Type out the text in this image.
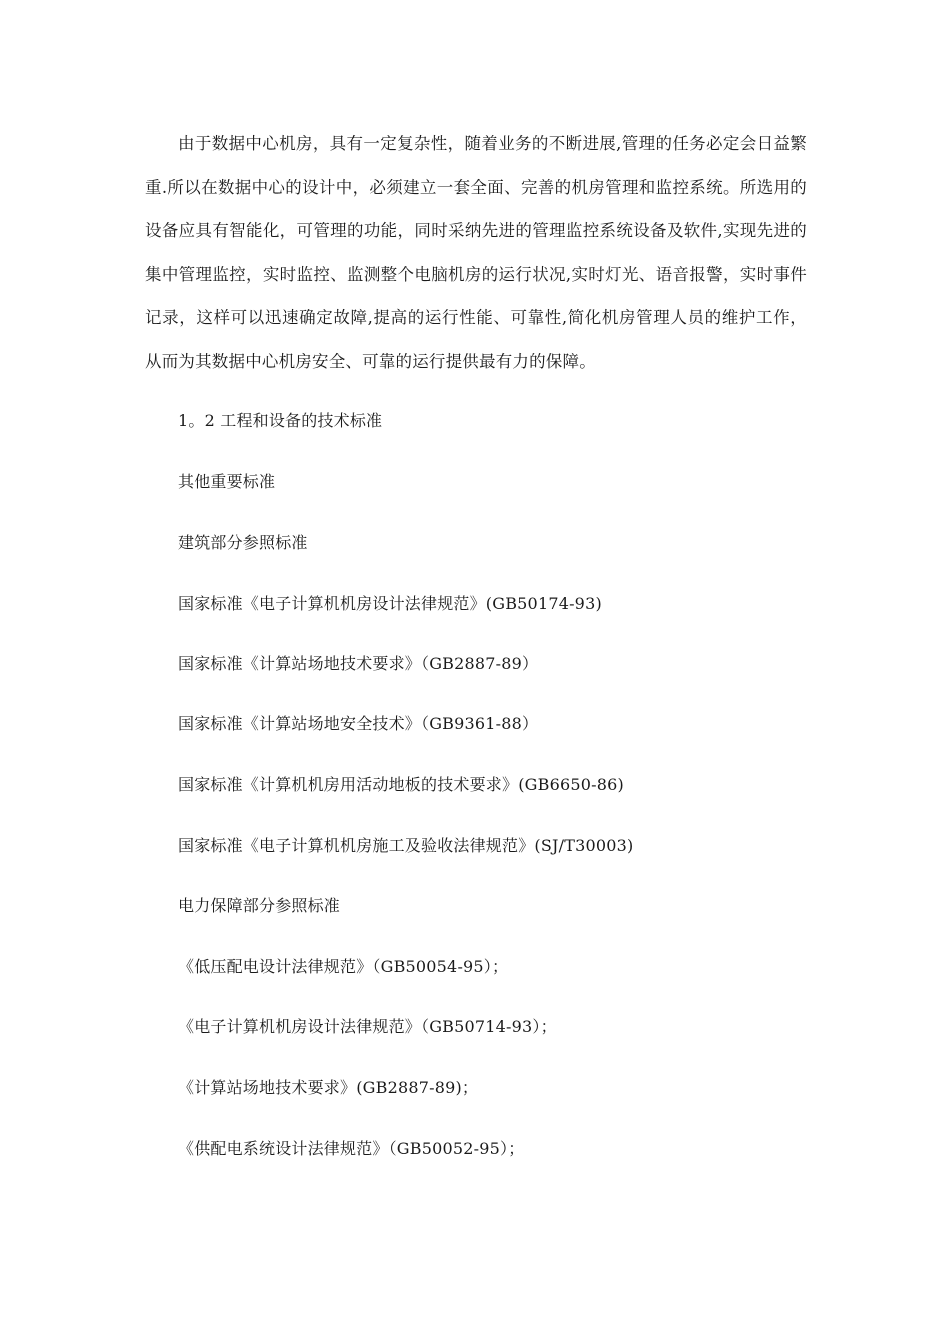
由于数据中心机房，具有一定复杂性，随着业务的不断进展,管理的任务必定会日益繁重.所以在数据中心的设计中，必须建立一套全面、完善的机房管理和监控系统。所选用的设备应具有智能化，可管理的功能，同时采纳先进的管理监控系统设备及软件,实现先进的集中管理监控，实时监控、监测整个电脑机房的运行状况,实时灯光、语音报警，实时事件记录，这样可以迅速确定故障,提高的运行性能、可靠性,简化机房管理人员的维护工作，从而为其数据中心机房安全、可靠的运行提供最有力的保障。

1。2 工程和设备的技术标准

其他重要标准

建筑部分参照标准

国家标准《电子计算机机房设计法律规范》(GB50174-93)

国家标准《计算站场地技术要求》（GB2887-89）

国家标准《计算站场地安全技术》（GB9361-88）

国家标准《计算机机房用活动地板的技术要求》(GB6650-86)

国家标准《电子计算机机房施工及验收法律规范》(SJ/T30003)

电力保障部分参照标准

《低压配电设计法律规范》（GB50054-95）；

《电子计算机机房设计法律规范》（GB50714-93）；

《计算站场地技术要求》(GB2887-89)；

《供配电系统设计法律规范》（GB50052-95）；
